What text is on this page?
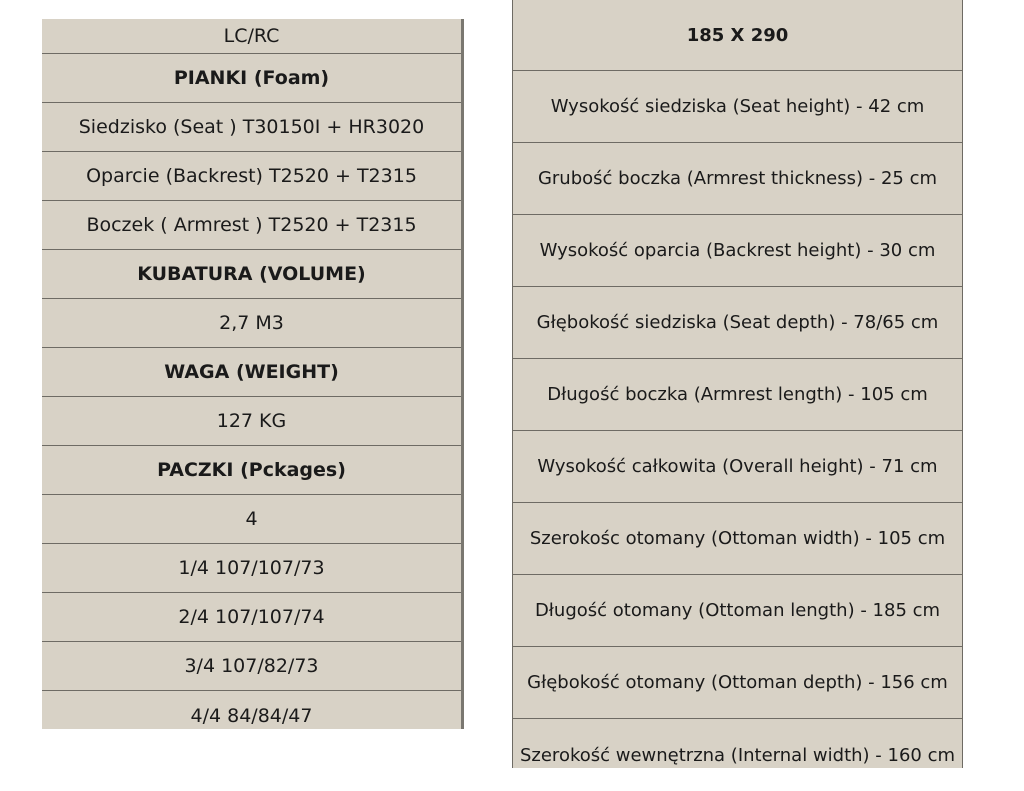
LC/RC
PIANKI (Foam)
Siedzisko (Seat ) T30150I + HR3020
Oparcie (Backrest) T2520 + T2315
Boczek ( Armrest ) T2520 + T2315
KUBATURA (VOLUME)
2,7 M3
WAGA (WEIGHT)
127 KG
PACZKI (Pckages)
4
1/4 107/107/73
2/4 107/107/74
3/4 107/82/73
4/4 84/84/47
185 X 290
Wysokość siedziska (Seat height) - 42 cm
Grubość boczka (Armrest thickness) - 25 cm
Wysokość oparcia (Backrest height) - 30 cm
Głębokość siedziska (Seat depth) - 78/65 cm
Długość boczka (Armrest length) - 105 cm
Wysokość całkowita (Overall height) - 71 cm
Szerokośc otomany (Ottoman width) - 105 cm
Długość otomany (Ottoman length) - 185 cm
Głębokość otomany (Ottoman depth) - 156 cm
Szerokość wewnętrzna (Internal width) - 160 cm
